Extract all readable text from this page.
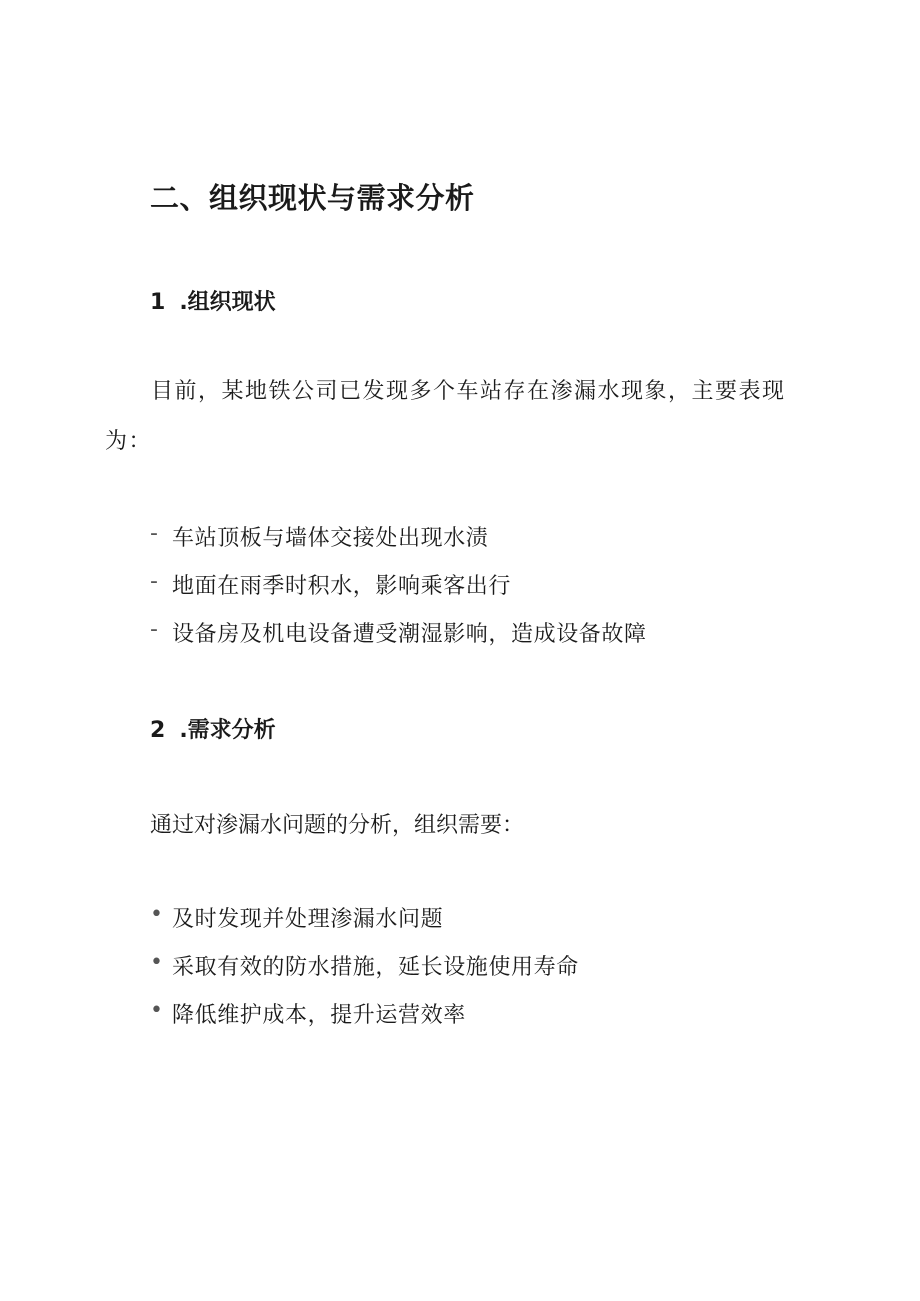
二、组织现状与需求分析
1 .组织现状
目前，某地铁公司已发现多个车站存在渗漏水现象，主要表现为：
- 车站顶板与墙体交接处出现水渍
- 地面在雨季时积水，影响乘客出行
- 设备房及机电设备遭受潮湿影响，造成设备故障
2 .需求分析
通过对渗漏水问题的分析，组织需要：
• 及时发现并处理渗漏水问题
• 采取有效的防水措施，延长设施使用寿命
• 降低维护成本，提升运营效率
